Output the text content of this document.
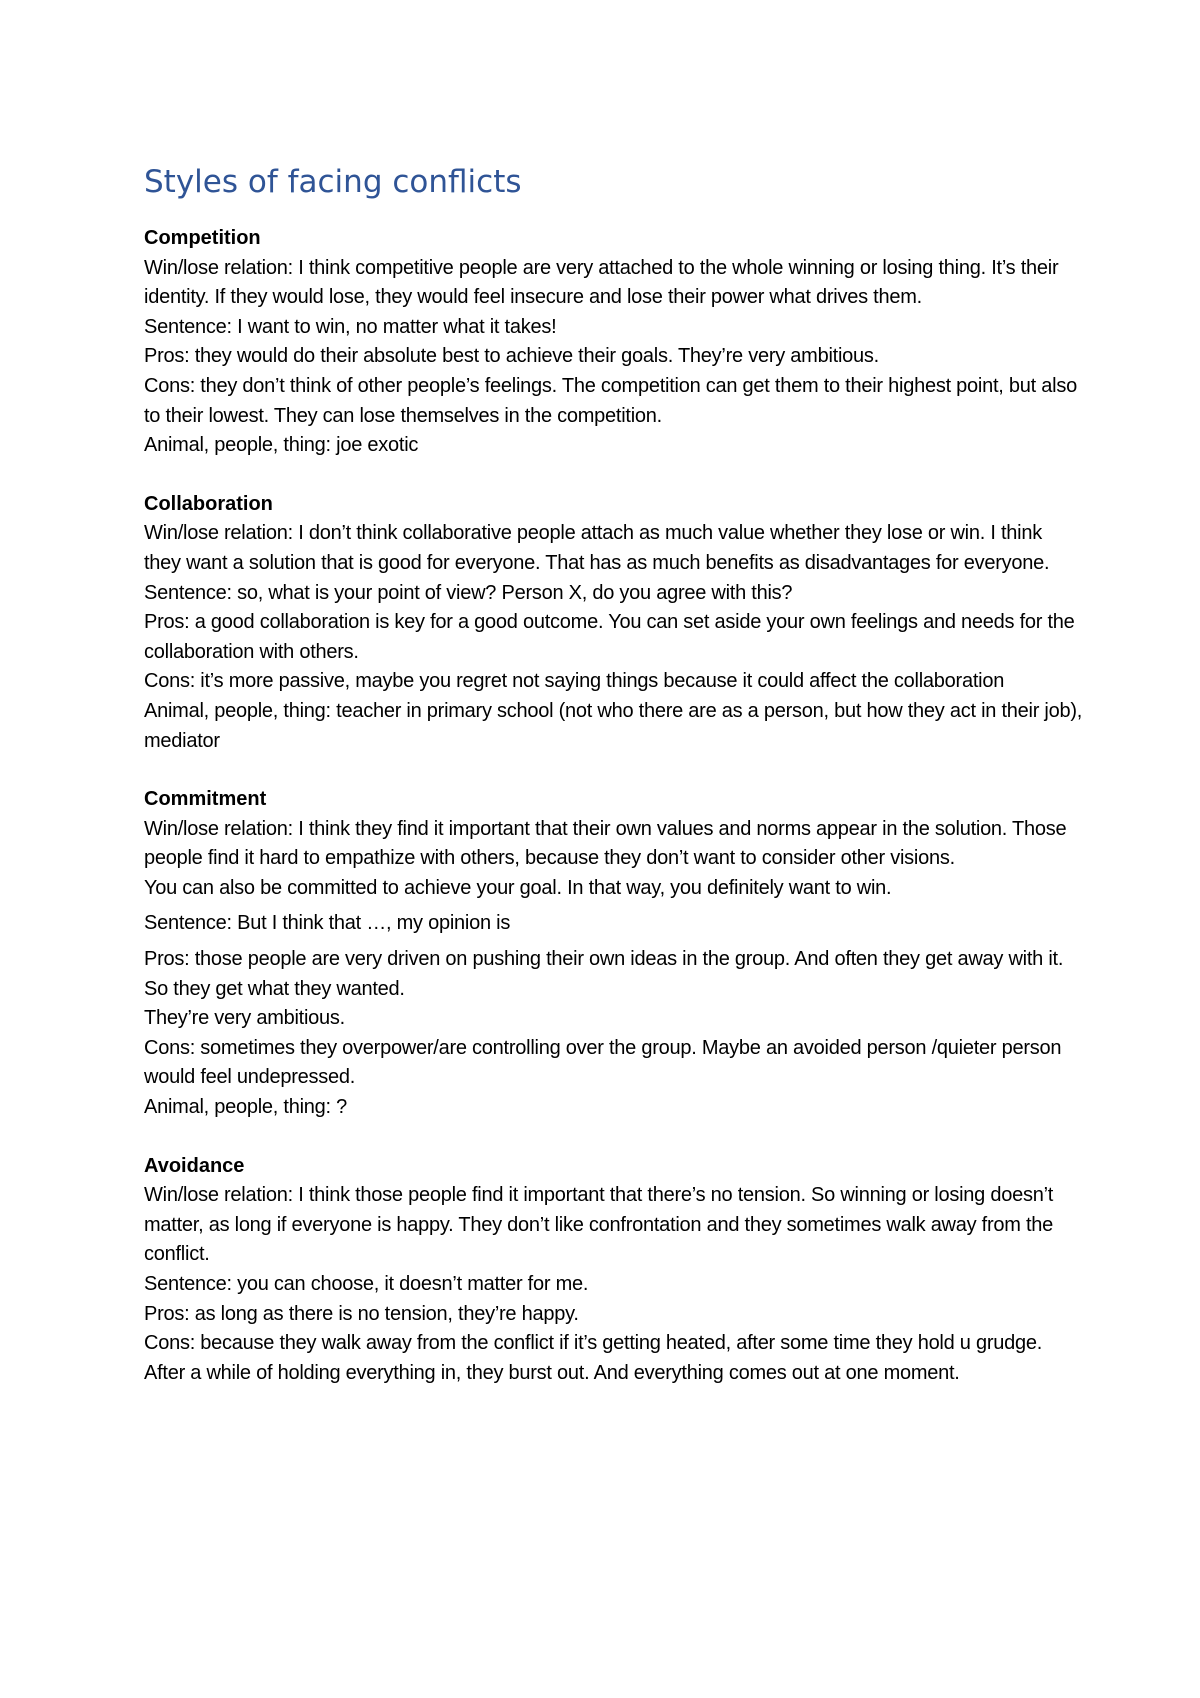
Styles of facing conflicts

Competition

Win/lose relation: I think competitive people are very attached to the whole winning or losing thing. It’s their identity. If they would lose, they would feel insecure and lose their power what drives them.

Sentence: I want to win, no matter what it takes!

Pros: they would do their absolute best to achieve their goals. They’re very ambitious.

Cons: they don’t think of other people’s feelings. The competition can get them to their highest point, but also to their lowest. They can lose themselves in the competition.

Animal, people, thing: joe exotic

Collaboration

Win/lose relation: I don’t think collaborative people attach as much value whether they lose or win. I think they want a solution that is good for everyone. That has as much benefits as disadvantages for everyone.

Sentence: so, what is your point of view? Person X, do you agree with this?

Pros: a good collaboration is key for a good outcome. You can set aside your own feelings and needs for the collaboration with others.

Cons: it’s more passive, maybe you regret not saying things because it could affect the collaboration

Animal, people, thing: teacher in primary school (not who there are as a person, but how they act in their job), mediator

Commitment

Win/lose relation: I think they find it important that their own values and norms appear in the solution. Those people find it hard to empathize with others, because they don’t want to consider other visions.

You can also be committed to achieve your goal. In that way, you definitely want to win.

Sentence: But I think that …, my opinion is

Pros: those people are very driven on pushing their own ideas in the group. And often they get away with it. So they get what they wanted.

They’re very ambitious.

Cons: sometimes they overpower/are controlling over the group. Maybe an avoided person /quieter person would feel undepressed.

Animal, people, thing: ?

Avoidance

Win/lose relation: I think those people find it important that there’s no tension. So winning or losing doesn’t matter, as long if everyone is happy. They don’t like confrontation and they sometimes walk away from the conflict.

Sentence: you can choose, it doesn’t matter for me.

Pros: as long as there is no tension, they’re happy.

Cons: because they walk away from the conflict if it’s getting heated, after some time they hold u grudge. After a while of holding everything in, they burst out. And everything comes out at one moment.
